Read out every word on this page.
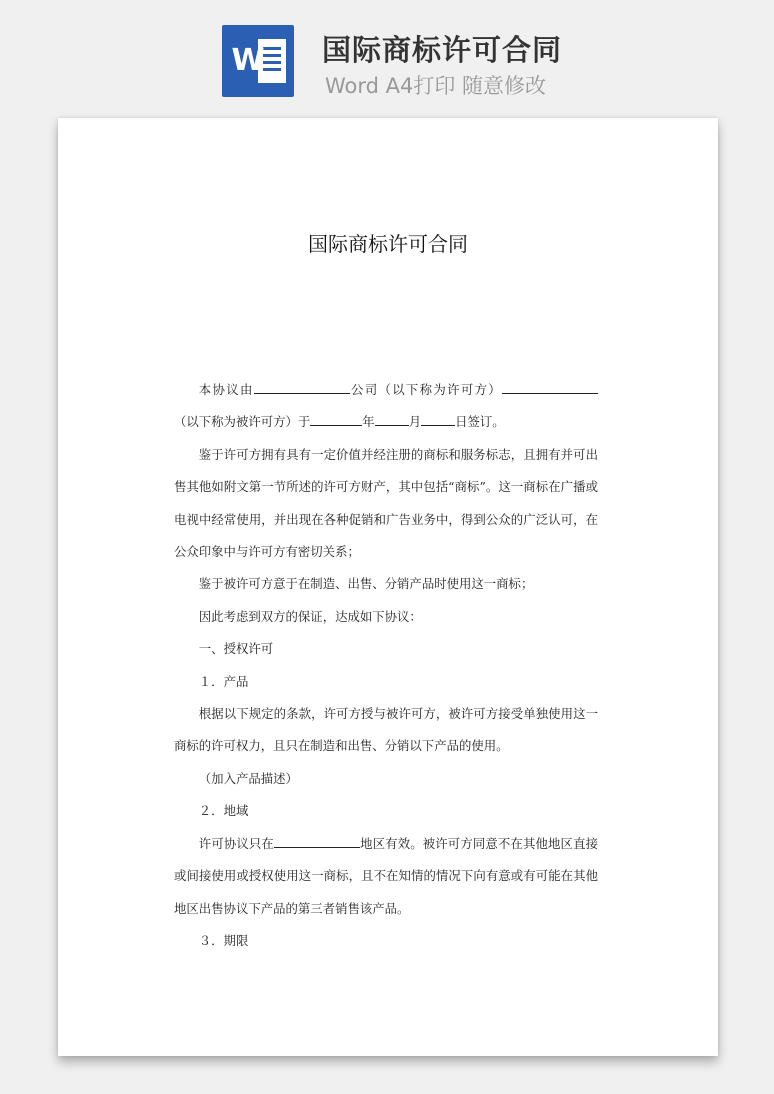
W 国际商标许可合同
Word A4打印 随意修改
国际商标许可合同

本协议由	公司（以下称为许可方）（以下称为被许可方）于	年	月	日签订。

鉴于许可方拥有具有一定价值并经注册的商标和服务标志，且拥有并可出售其他如附文第一节所述的许可方财产，其中包括“商标”。这一商标在广播或电视中经常使用，并出现在各种促销和广告业务中，得到公众的广泛认可，在公众印象中与许可方有密切关系；

鉴于被许可方意于在制造、出售、分销产品时使用这一商标；

因此考虑到双方的保证，达成如下协议：

一、授权许可

１．产品

根据以下规定的条款，许可方授与被许可方，被许可方接受单独使用这一商标的许可权力，且只在制造和出售、分销以下产品的使用。

（加入产品描述）

２．地域

许可协议只在	地区有效。被许可方同意不在其他地区直接或间接使用或授权使用这一商标，且不在知情的情况下向有意或有可能在其他地区出售协议下产品的第三者销售该产品。

３．期限
